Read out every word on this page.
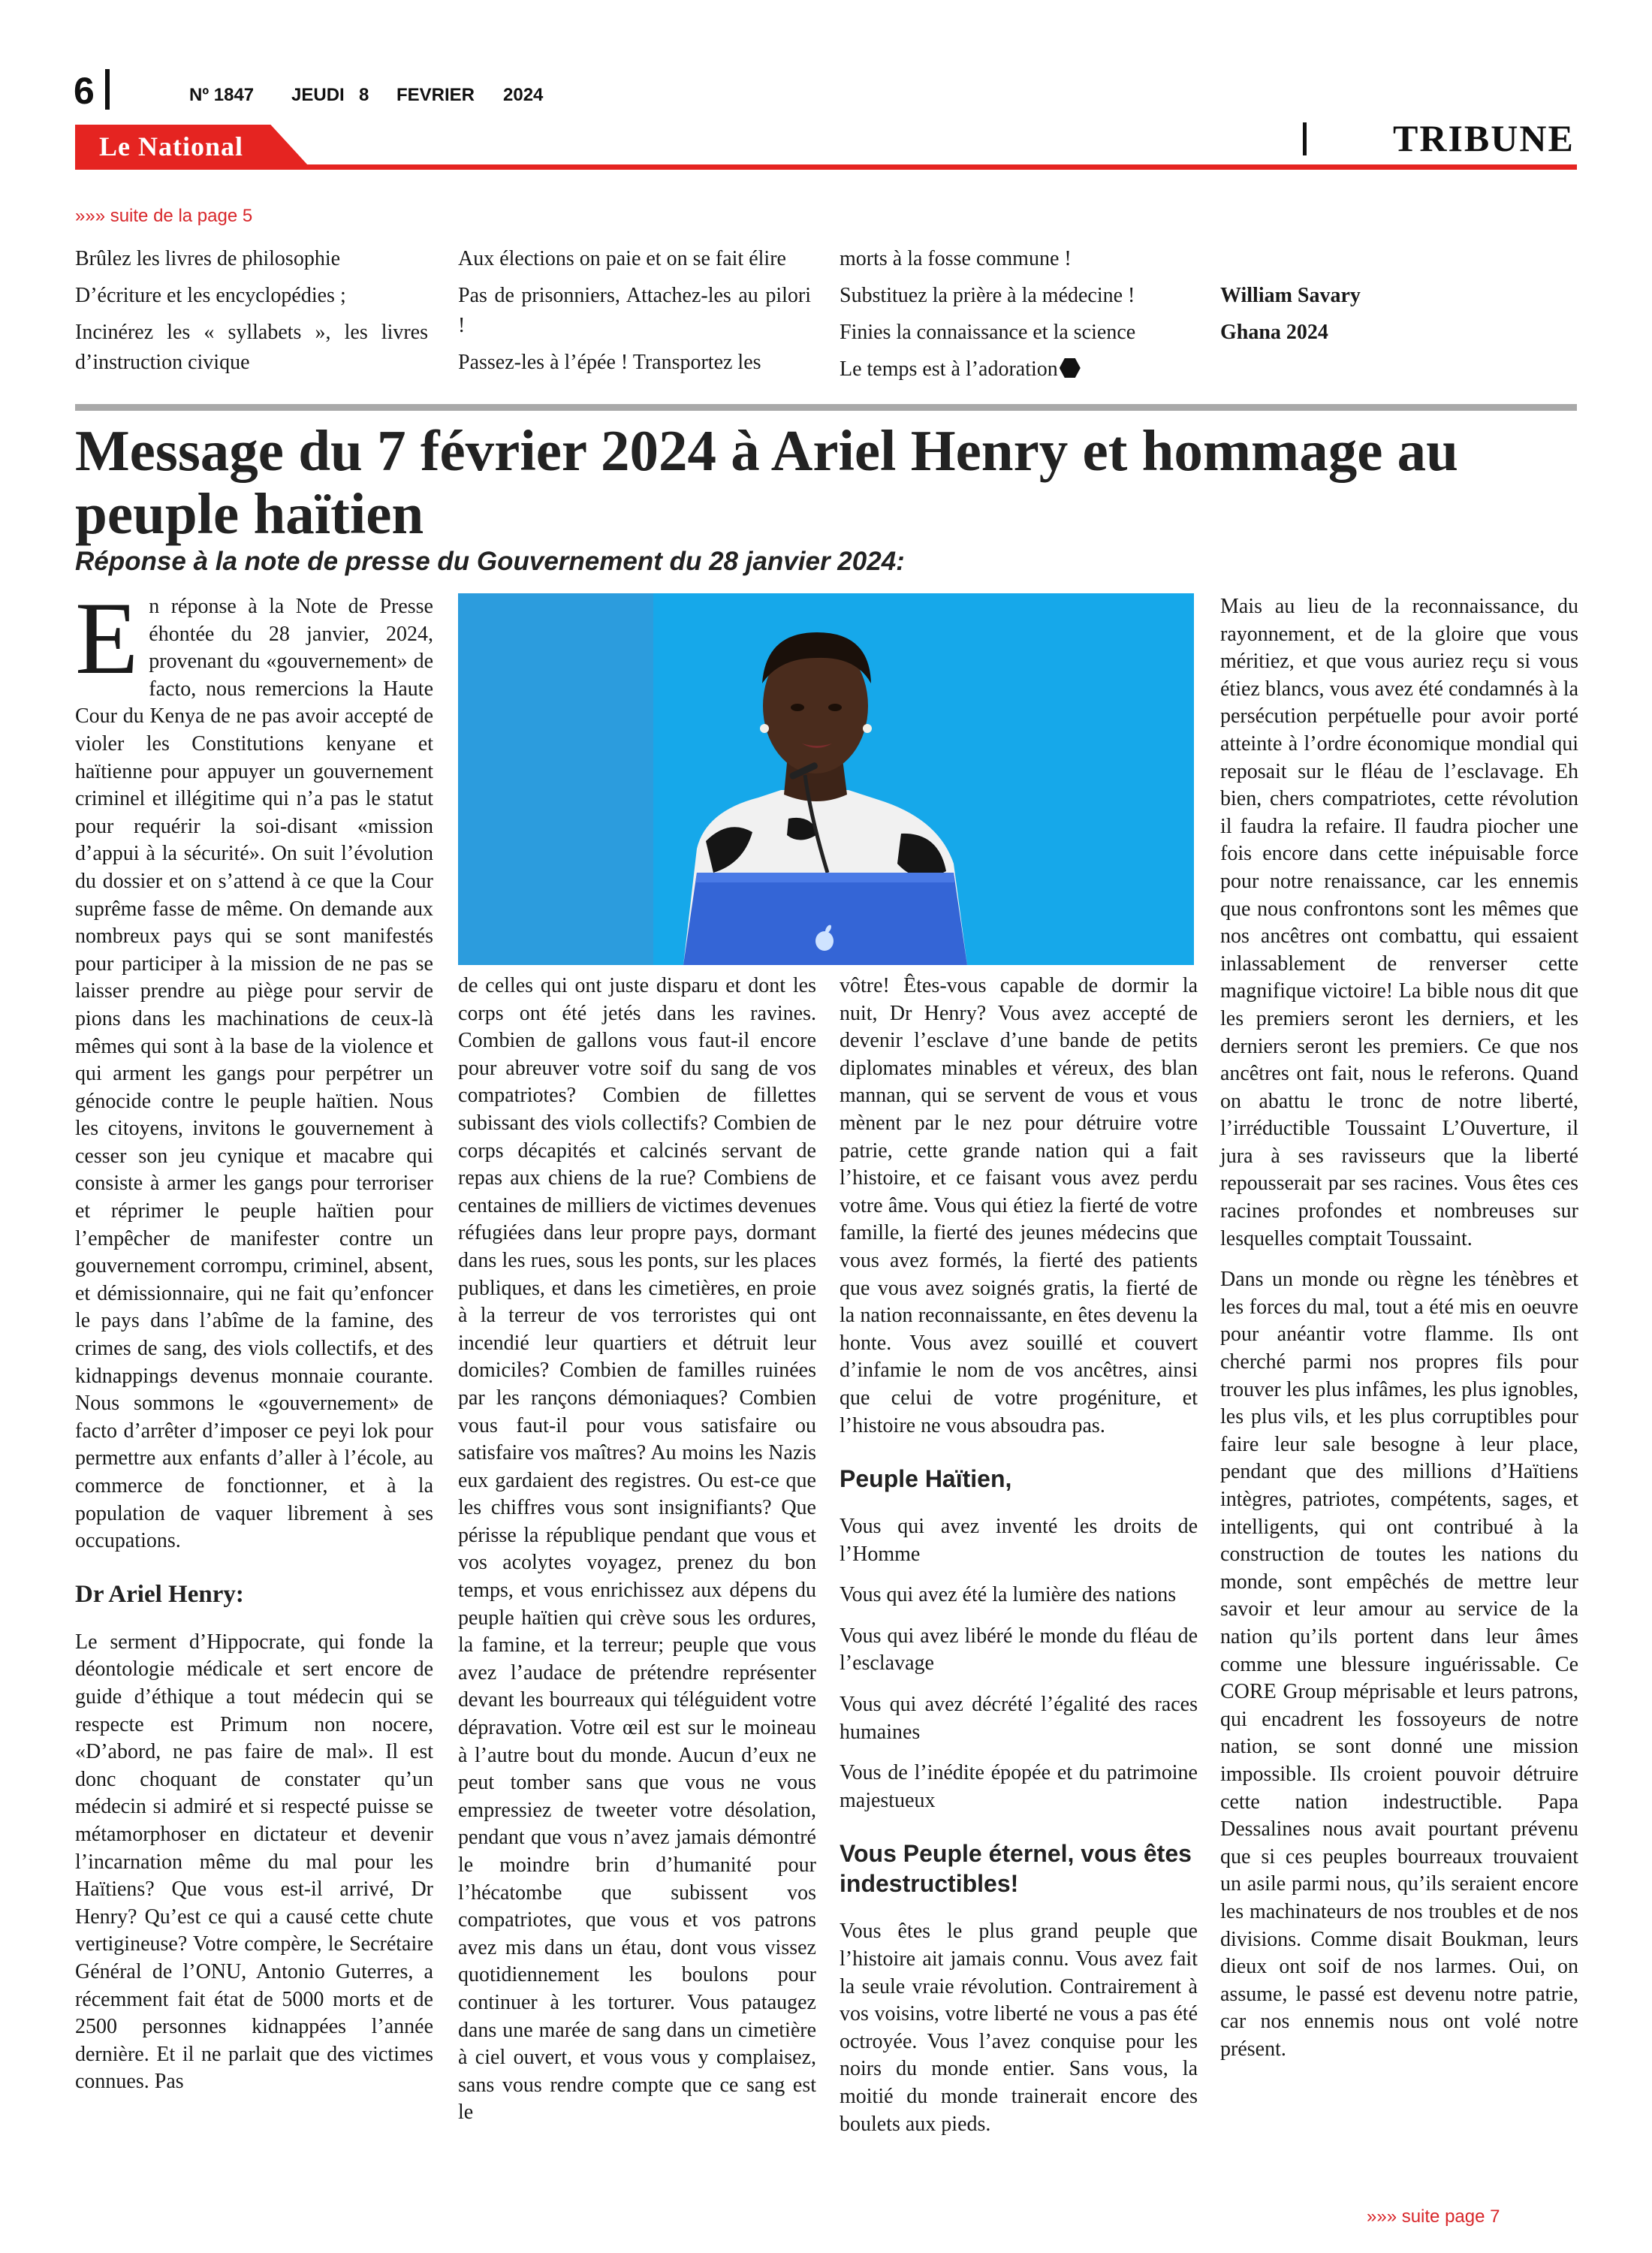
6	Nº 1847 JEUDI 8 FEVRIER 2024
Le National	TRIBUNE
»»» suite de la page 5

Brûlez les livres de philosophie

D’écriture et les encyclopédies ;

Incinérez les « syllabets », les livres d’instruction civique

Aux élections on paie et on se fait élire

Pas de prisonniers, Attachez-les au pilori !

Passez-les à l’épée ! Transportez les

morts à la fosse commune !

Substituez la prière à la médecine !

Finies la connaissance et la science

Le temps est à l’adoration

William Savary

Ghana 2024

Message du 7 février 2024 à Ariel Henry et hommage au peuple haïtien
Réponse à la note de presse du Gouvernement du 28 janvier 2024:

En réponse à la Note de Presse éhontée du 28 janvier, 2024, provenant du «gouvernement» de facto, nous remercions la Haute Cour du Kenya de ne pas avoir accepté de violer les Constitutions kenyane et haïtienne pour appuyer un gouvernement criminel et illégitime qui n’a pas le statut pour requérir la soi-disant «mission d’appui à la sécurité». On suit l’évolution du dossier et on s’attend à ce que la Cour suprême fasse de même. On demande aux nombreux pays qui se sont manifestés pour participer à la mission de ne pas se laisser prendre au piège pour servir de pions dans les machinations de ceux-là mêmes qui sont à la base de la violence et qui arment les gangs pour perpétrer un génocide contre le peuple haïtien. Nous les citoyens, invitons le gouvernement à cesser son jeu cynique et macabre qui consiste à armer les gangs pour terroriser et réprimer le peuple haïtien pour l’empêcher de manifester contre un gouvernement corrompu, criminel, absent, et démissionnaire, qui ne fait qu’enfoncer le pays dans l’abîme de la famine, des crimes de sang, des viols collectifs, et des kidnappings devenus monnaie courante. Nous sommons le «gouvernement» de facto d’arrêter d’imposer ce peyi lok pour permettre aux enfants d’aller à l’école, au commerce de fonctionner, et à la population de vaquer librement à ses occupations.

Dr Ariel Henry:

Le serment d’Hippocrate, qui fonde la déontologie médicale et sert encore de guide d’éthique a tout médecin qui se respecte est Primum non nocere, «D’abord, ne pas faire de mal». Il est donc choquant de constater qu’un médecin si admiré et si respecté puisse se métamorphoser en dictateur et devenir l’incarnation même du mal pour les Haïtiens? Que vous est-il arrivé, Dr Henry? Qu’est ce qui a causé cette chute vertigineuse? Votre compère, le Secrétaire Général de l’ONU, Antonio Guterres, a récemment fait état de 5000 morts et de 2500 personnes kidnappées l’année dernière. Et il ne parlait que des victimes connues. Pas

de celles qui ont juste disparu et dont les corps ont été jetés dans les ravines. Combien de gallons vous faut-il encore pour abreuver votre soif du sang de vos compatriotes? Combien de fillettes subissant des viols collectifs? Combien de corps décapités et calcinés servant de repas aux chiens de la rue? Combiens de centaines de milliers de victimes devenues réfugiées dans leur propre pays, dormant dans les rues, sous les ponts, sur les places publiques, et dans les cimetières, en proie à la terreur de vos terroristes qui ont incendié leur quartiers et détruit leur domiciles? Combien de familles ruinées par les rançons démoniaques? Combien vous faut-il pour vous satisfaire ou satisfaire vos maîtres? Au moins les Nazis eux gardaient des registres. Ou est-ce que les chiffres vous sont insignifiants? Que périsse la république pendant que vous et vos acolytes voyagez, prenez du bon temps, et vous enrichissez aux dépens du peuple haïtien qui crève sous les ordures, la famine, et la terreur; peuple que vous avez l’audace de prétendre représenter devant les bourreaux qui téléguident votre dépravation. Votre œil est sur le moineau à l’autre bout du monde. Aucun d’eux ne peut tomber sans que vous ne vous empressiez de tweeter votre désolation, pendant que vous n’avez jamais démontré le moindre brin d’humanité pour l’hécatombe que subissent vos compatriotes, que vous et vos patrons avez mis dans un étau, dont vous vissez quotidiennement les boulons pour continuer à les torturer. Vous pataugez dans une marée de sang dans un cimetière à ciel ouvert, et vous vous y complaisez, sans vous rendre compte que ce sang est le

vôtre! Êtes-vous capable de dormir la nuit, Dr Henry? Vous avez accepté de devenir l’esclave d’une bande de petits diplomates minables et véreux, des blan mannan, qui se servent de vous et vous mènent par le nez pour détruire votre patrie, cette grande nation qui a fait l’histoire, et ce faisant vous avez perdu votre âme. Vous qui étiez la fierté de votre famille, la fierté des jeunes médecins que vous avez formés, la fierté des patients que vous avez soignés gratis, la fierté de la nation reconnaissante, en êtes devenu la honte. Vous avez souillé et couvert d’infamie le nom de vos ancêtres, ainsi que celui de votre progéniture, et l’histoire ne vous absoudra pas.

Peuple Haïtien,

Vous qui avez inventé les droits de l’Homme

Vous qui avez été la lumière des nations

Vous qui avez libéré le monde du fléau de l’esclavage

Vous qui avez décrété l’égalité des races humaines

Vous de l’inédite épopée et du patrimoine majestueux

Vous Peuple éternel, vous êtes indestructibles!

Vous êtes le plus grand peuple que l’histoire ait jamais connu. Vous avez fait la seule vraie révolution. Contrairement à vos voisins, votre liberté ne vous a pas été octroyée. Vous l’avez conquise pour les noirs du monde entier. Sans vous, la moitié du monde trainerait encore des boulets aux pieds.

Mais au lieu de la reconnaissance, du rayonnement, et de la gloire que vous méritiez, et que vous auriez reçu si vous étiez blancs, vous avez été condamnés à la persécution perpétuelle pour avoir porté atteinte à l’ordre économique mondial qui reposait sur le fléau de l’esclavage. Eh bien, chers compatriotes, cette révolution il faudra la refaire. Il faudra piocher une fois encore dans cette inépuisable force pour notre renaissance, car les ennemis que nous confrontons sont les mêmes que nos ancêtres ont combattu, qui essaient inlassablement de renverser cette magnifique victoire! La bible nous dit que les premiers seront les derniers, et les derniers seront les premiers. Ce que nos ancêtres ont fait, nous le referons. Quand on abattu le tronc de notre liberté, l’irréductible Toussaint L’Ouverture, il jura à ses ravisseurs que la liberté repousserait par ses racines. Vous êtes ces racines profondes et nombreuses sur lesquelles comptait Toussaint.

Dans un monde ou règne les ténèbres et les forces du mal, tout a été mis en oeuvre pour anéantir votre flamme. Ils ont cherché parmi nos propres fils pour trouver les plus infâmes, les plus ignobles, les plus vils, et les plus corruptibles pour faire leur sale besogne à leur place, pendant que des millions d’Haïtiens intègres, patriotes, compétents, sages, et intelligents, qui ont contribué à la construction de toutes les nations du monde, sont empêchés de mettre leur savoir et leur amour au service de la nation qu’ils portent dans leur âmes comme une blessure inguérissable. Ce CORE Group méprisable et leurs patrons, qui encadrent les fossoyeurs de notre nation, se sont donné une mission impossible. Ils croient pouvoir détruire cette nation indestructible. Papa Dessalines nous avait pourtant prévenu que si ces peuples bourreaux trouvaient un asile parmi nous, qu’ils seraient encore les machinateurs de nos troubles et de nos divisions. Comme disait Boukman, leurs dieux ont soif de nos larmes. Oui, on assume, le passé est devenu notre patrie, car nos ennemis nous ont volé notre présent.

»»» suite page 7
